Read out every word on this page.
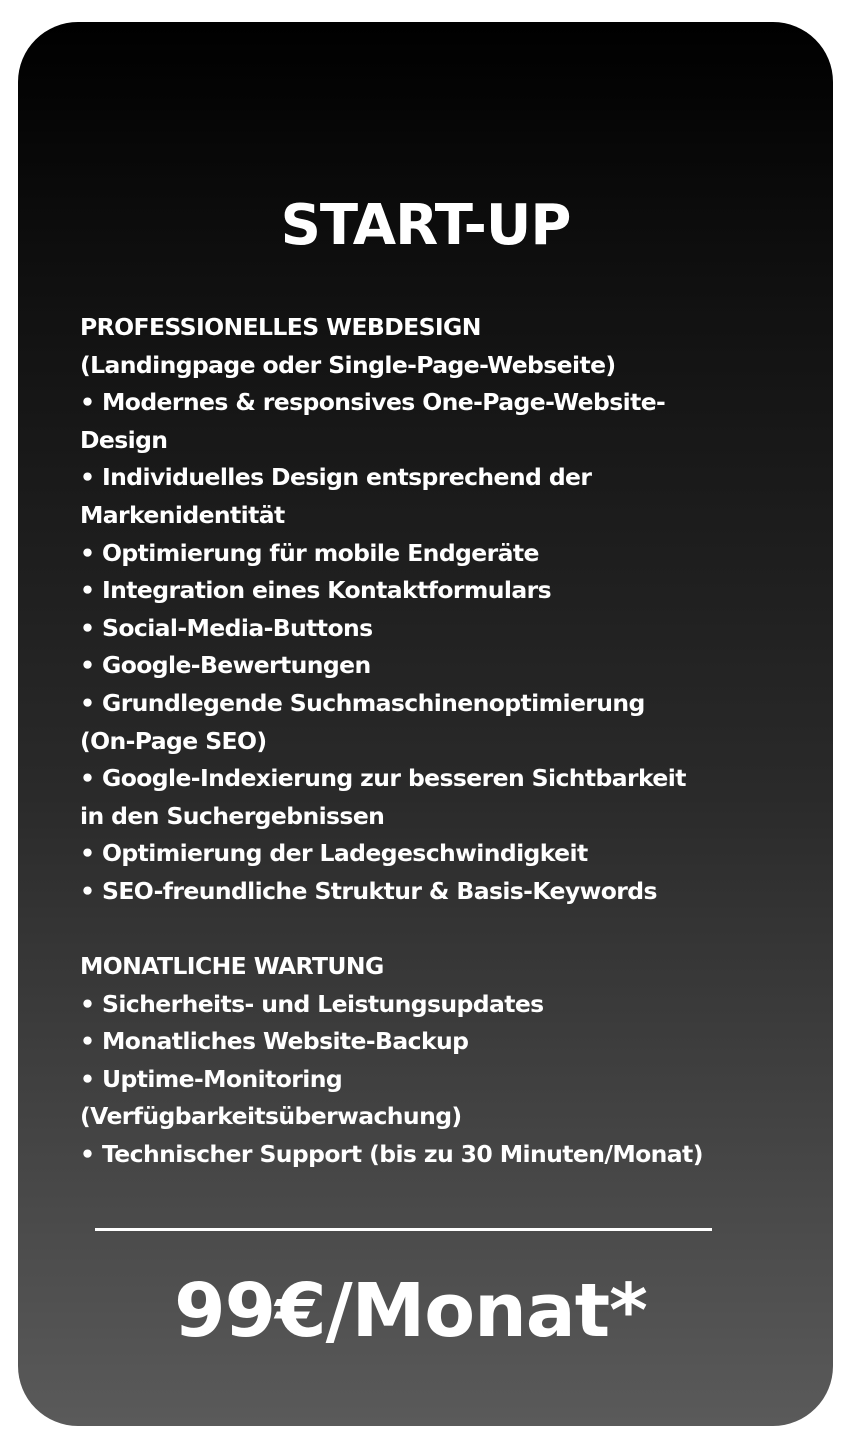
START-UP
PROFESSIONELLES WEBDESIGN
(Landingpage oder Single-Page-Webseite)
• Modernes & responsives One-Page-Website-
Design
• Individuelles Design entsprechend der
Markenidentität
• Optimierung für mobile Endgeräte
• Integration eines Kontaktformulars
• Social-Media-Buttons
• Google-Bewertungen
• Grundlegende Suchmaschinenoptimierung
(On-Page SEO)
• Google-Indexierung zur besseren Sichtbarkeit
in den Suchergebnissen
• Optimierung der Ladegeschwindigkeit
• SEO-freundliche Struktur & Basis-Keywords
MONATLICHE WARTUNG
• Sicherheits- und Leistungsupdates
• Monatliches Website-Backup
• Uptime-Monitoring
(Verfügbarkeitsüberwachung)
• Technischer Support (bis zu 30 Minuten/Monat)
99€/Monat*
